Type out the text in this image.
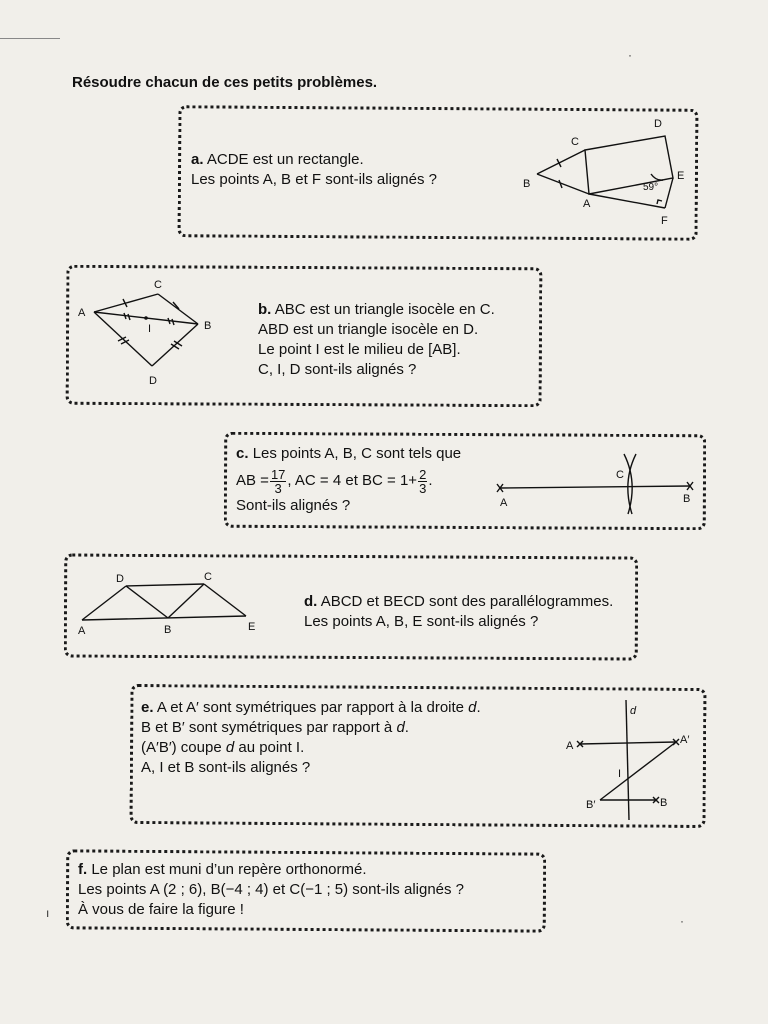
Résoudre chacun de ces petits problèmes.
a. ACDE est un rectangle.
Les points A, B et F sont-ils alignés ?
C
D
E
B
A
F
59°
A
C
B
D
I
b. ABC est un triangle isocèle en C.
ABD est un triangle isocèle en D.
Le point I est le milieu de [AB].
C, I, D sont-ils alignés ?
c. Les points A, B, C sont tels que
AB = $\frac{17}{3}$ , AC = 4 et BC = $1+ \frac{2}{3}$ .
Sont-ils alignés ?	A	B
C
D	C
A	B	E
d. ABCD et BECD sont des parallélogrammes.
Les points A, B, E sont-ils alignés ?
e. A et A′ sont symétriques par rapport à la droite d.
B et B′ sont symétriques par rapport à d.
(A′B′) coupe d au point I.
A, I et B sont-ils alignés ?
d
A	A′
I
B′	B
f. Le plan est muni d’un repère orthonormé.
Les points A (2 ; 6), B(−4 ; 4) et C(−1 ; 5) sont-ils alignés ?
À vous de faire la figure !
·
ı
·
